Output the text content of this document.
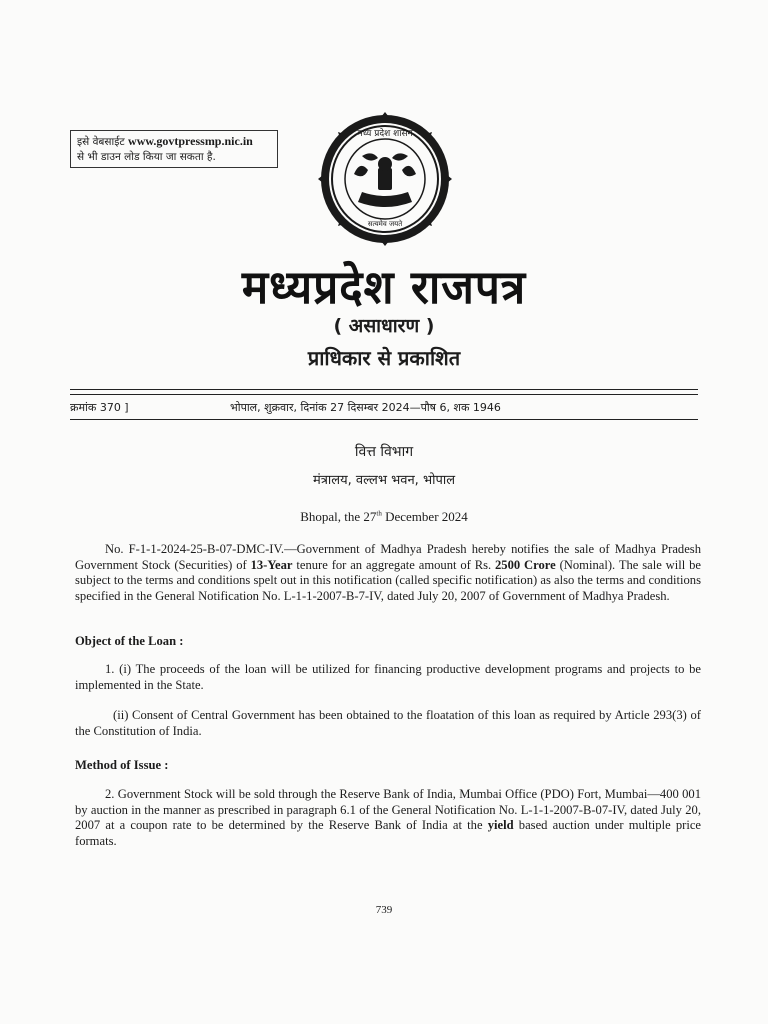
इसे वेबसाईट www.govtpressmp.nic.in
से भी डाउन लोड किया जा सकता है.
मध्य प्रदेश शासन
सत्यमेव जयते
मध्यप्रदेश राजपत्र
( असाधारण )
प्राधिकार से प्रकाशित
क्रमांक 370 ]	भोपाल, शुक्रवार, दिनांक 27 दिसम्बर 2024—पौष 6, शक 1946
वित्त विभाग
मंत्रालय, वल्लभ भवन, भोपाल
Bhopal, the 27th December 2024
No. F-1-1-2024-25-B-07-DMC-IV.—Government of Madhya Pradesh hereby notifies the sale of Madhya Pradesh Government Stock (Securities) of 13-Year tenure for an aggregate amount of Rs. 2500 Crore (Nominal). The sale will be subject to the terms and conditions spelt out in this notification (called specific notification) as also the terms and conditions specified in the General Notification No. L-1-1-2007-B-7-IV, dated July 20, 2007 of Government of Madhya Pradesh.
Object of the Loan :
1. (i) The proceeds of the loan will be utilized for financing productive development programs and projects to be implemented in the State.
(ii) Consent of Central Government has been obtained to the floatation of this loan as required by Article 293(3) of the Constitution of India.
Method of Issue :
2. Government Stock will be sold through the Reserve Bank of India, Mumbai Office (PDO) Fort, Mumbai—400 001 by auction in the manner as prescribed in paragraph 6.1 of the General Notification No. L-1-1-2007-B-07-IV, dated July 20, 2007 at a coupon rate to be determined by the Reserve Bank of India at the yield based auction under multiple price formats.
739
